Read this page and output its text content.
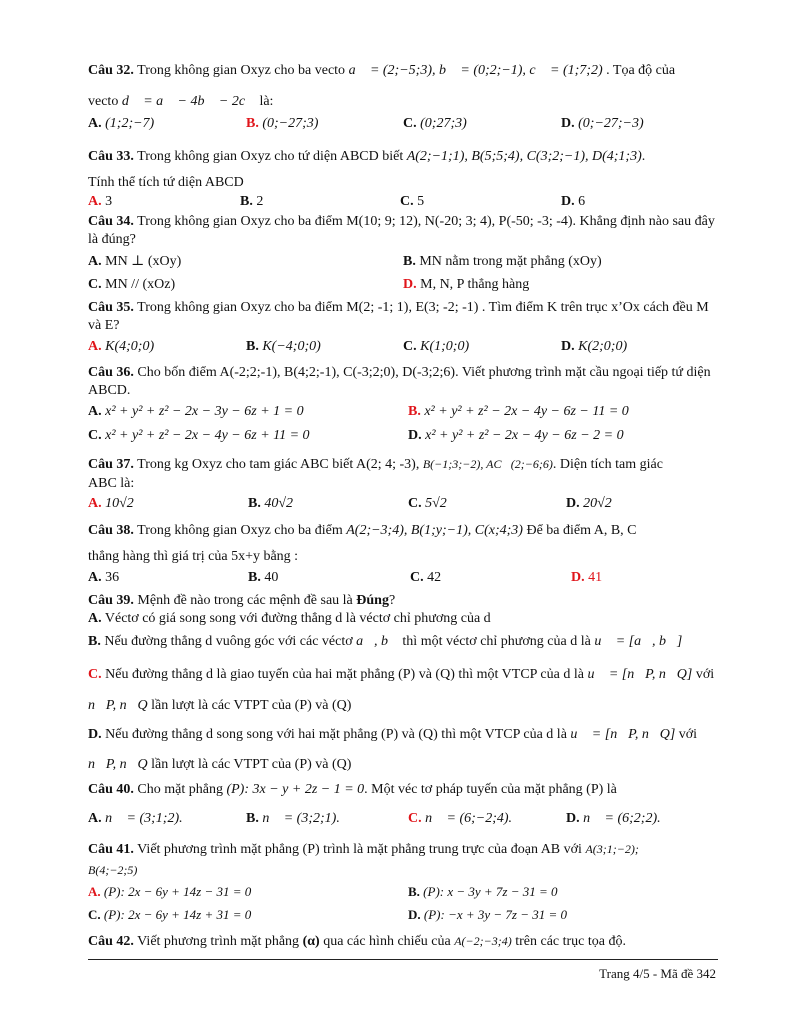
Câu 32. Trong không gian Oxyz cho ba vecto a⃗ = (2;−5;3), b⃗ = (0;2;−1), c⃗ = (1;7;2) . Tọa độ của
vecto d⃗ = a⃗ − 4b⃗ − 2c⃗ là:
A. (1;2;−7)	B. (0;−27;3)	C. (0;27;3)	D. (0;−27;−3)
Câu 33. Trong không gian Oxyz cho tứ diện ABCD biết A(2;−1;1), B(5;5;4), C(3;2;−1), D(4;1;3).
Tính thể tích tứ diện ABCD
A. 3	B. 2	C. 5	D. 6
Câu 34. Trong không gian Oxyz cho ba điểm M(10; 9; 12), N(-20; 3; 4), P(-50; -3; -4). Khẳng định nào sau đây là đúng?
A. MN ⊥ (xOy)	B. MN nằm trong mặt phẳng (xOy)
C. MN // (xOz)	D. M, N, P thẳng hàng
Câu 35. Trong không gian Oxyz cho ba điểm M(2; -1; 1), E(3; -2; -1) . Tìm điểm K trên trục x’Ox cách đều M và E?
A. K(4;0;0)	B. K(−4;0;0)	C. K(1;0;0)	D. K(2;0;0)
Câu 36. Cho bốn điểm A(-2;2;-1), B(4;2;-1), C(-3;2;0), D(-3;2;6). Viết phương trình mặt cầu ngoại tiếp tứ diện ABCD.
A. x² + y² + z² − 2x − 3y − 6z + 1 = 0	B. x² + y² + z² − 2x − 4y − 6z − 11 = 0
C. x² + y² + z² − 2x − 4y − 6z + 11 = 0	D. x² + y² + z² − 2x − 4y − 6z − 2 = 0
Câu 37. Trong kg Oxyz cho tam giác ABC biết A(2; 4; -3), B(−1;3;−2), AC⃗(2;−6;6). Diện tích tam giác
ABC là:
A. 10√2	B. 40√2	C. 5√2	D. 20√2
Câu 38. Trong không gian Oxyz cho ba điểm A(2;−3;4), B(1;y;−1), C(x;4;3) Để ba điểm A, B, C
thẳng hàng thì giá trị của 5x+y bằng :
A. 36	B. 40	C. 42	D. 41
Câu 39. Mệnh đề nào trong các mệnh đề sau là Đúng?
A. Véctơ có giá song song với đường thẳng d là véctơ chỉ phương của d
B. Nếu đường thẳng d vuông góc với các véctơ a⃗, b⃗ thì một véctơ chỉ phương của d là u⃗ = [a⃗, b⃗]
C. Nếu đường thẳng d là giao tuyến của hai mặt phẳng (P) và (Q) thì một VTCP của d là u⃗ = [n⃗P, n⃗Q] với
n⃗P, n⃗Q lần lượt là các VTPT của (P) và (Q)
D. Nếu đường thẳng d song song với hai mặt phẳng (P) và (Q) thì một VTCP của d là u⃗ = [n⃗P, n⃗Q] với
n⃗P, n⃗Q lần lượt là các VTPT của (P) và (Q)
Câu 40. Cho mặt phẳng (P): 3x − y + 2z − 1 = 0. Một véc tơ pháp tuyến của mặt phẳng (P) là
A. n⃗ = (3;1;2).	B. n⃗ = (3;2;1).	C. n⃗ = (6;−2;4).	D. n⃗ = (6;2;2).
Câu 41. Viết phương trình mặt phẳng (P) trình là mặt phẳng trung trực của đoạn AB với A(3;1;−2);
B(4;−2;5)
A. (P): 2x − 6y + 14z − 31 = 0	B. (P): x − 3y + 7z − 31 = 0
C. (P): 2x − 6y + 14z + 31 = 0	D. (P): −x + 3y − 7z − 31 = 0
Câu 42. Viết phương trình mặt phẳng (α) qua các hình chiếu của A(−2;−3;4) trên các trục tọa độ.
Trang 4/5 - Mã đề 342
